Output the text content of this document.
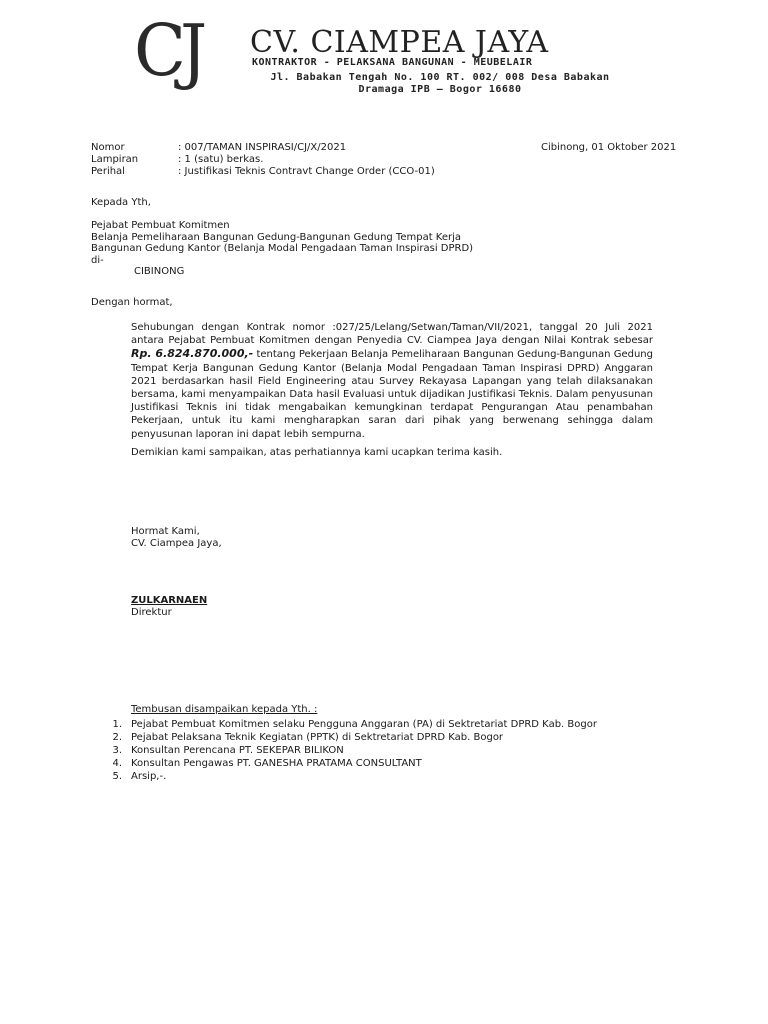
CJ CV. CIAMPEA JAYA
KONTRAKTOR - PELAKSANA BANGUNAN - MEUBELAIR
Jl. Babakan Tengah No. 100 RT. 002/ 008 Desa Babakan
Dramaga IPB – Bogor 16680
Nomor	: 007/TAMAN INSPIRASI/CJ/X/2021	Cibinong, 01 Oktober 2021
Lampiran	: 1 (satu) berkas.
Perihal	: Justifikasi Teknis Contravt Change Order (CCO-01)
Kepada Yth,
Pejabat Pembuat Komitmen
Belanja Pemeliharaan Bangunan Gedung-Bangunan Gedung Tempat Kerja
Bangunan Gedung Kantor (Belanja Modal Pengadaan Taman Inspirasi DPRD)
di-
CIBINONG
Dengan hormat,
Sehubungan dengan Kontrak nomor :027/25/Lelang/Setwan/Taman/VII/2021, tanggal 20 Juli 2021 antara Pejabat Pembuat Komitmen dengan Penyedia CV. Ciampea Jaya dengan Nilai Kontrak sebesar Rp. 6.824.870.000,- tentang Pekerjaan Belanja Pemeliharaan Bangunan Gedung-Bangunan Gedung Tempat Kerja Bangunan Gedung Kantor (Belanja Modal Pengadaan Taman Inspirasi DPRD) Anggaran 2021 berdasarkan hasil Field Engineering atau Survey Rekayasa Lapangan yang telah dilaksanakan bersama, kami menyampaikan Data hasil Evaluasi untuk dijadikan Justifikasi Teknis. Dalam penyusunan Justifikasi Teknis ini tidak mengabaikan kemungkinan terdapat Pengurangan Atau penambahan Pekerjaan, untuk itu kami mengharapkan saran dari pihak yang berwenang sehingga dalam penyusunan laporan ini dapat lebih sempurna.
Demikian kami sampaikan, atas perhatiannya kami ucapkan terima kasih.
Hormat Kami,
CV. Ciampea Jaya,
ZULKARNAEN
Direktur
Tembusan disampaikan kepada Yth. :
1. Pejabat Pembuat Komitmen selaku Pengguna Anggaran (PA) di Sektretariat DPRD Kab. Bogor
2. Pejabat Pelaksana Teknik Kegiatan (PPTK) di Sektretariat DPRD Kab. Bogor
3. Konsultan Perencana PT. SEKEPAR BILIKON
4. Konsultan Pengawas PT. GANESHA PRATAMA CONSULTANT
5. Arsip,-.
